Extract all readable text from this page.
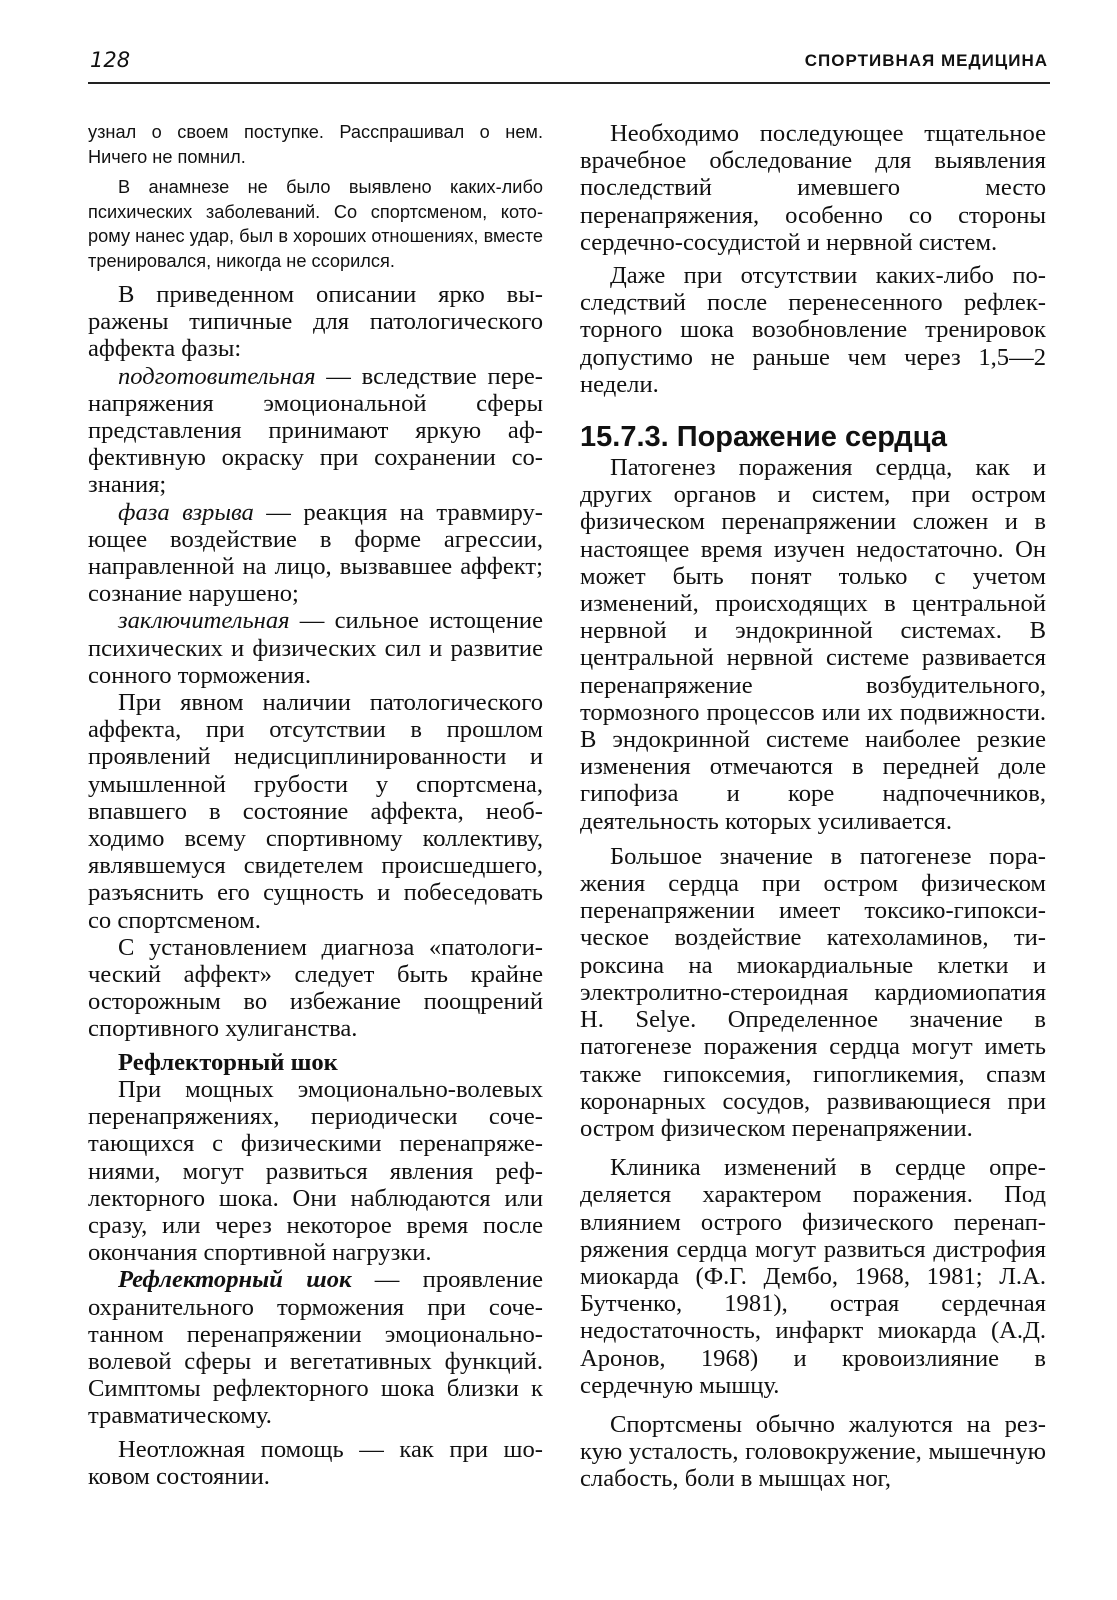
128	СПОРТИВНАЯ МЕДИЦИНА

узнал о своем поступке. Расспрашивал о нем. Ничего не помнил.

В анамнезе не было выявлено каких-либо психических заболеваний. Со спортсменом, которому нанес удар, был в хороших отношениях, вместе тренировался, никогда не ссорился.

В приведенном описании ярко выражены типичные для патологического аффекта фазы:

подготовительная — вследствие перенапряжения эмоциональной сферы представления принимают яркую аффективную окраску при сохранении сознания;

фаза взрыва — реакция на травмирующее воздействие в форме агрессии, направленной на лицо, вызвавшее аффект; сознание нарушено;

заключительная — сильное истощение психических и физических сил и развитие сонного торможения.

При явном наличии патологического аффекта, при отсутствии в прошлом проявлений недисциплинированности и умышленной грубости у спортсмена, впавшего в состояние аффекта, необходимо всему спортивному коллективу, являвшемуся свидетелем происшедшего, разъяснить его сущность и побеседовать со спортсменом.

С установлением диагноза «патологический аффект» следует быть крайне осторожным во избежание поощрений спортивного хулиганства.

Рефлекторный шок

При мощных эмоционально-волевых перенапряжениях, периодически сочетающихся с физическими перенапряжениями, могут развиться явления рефлекторного шока. Они наблюдаются или сразу, или через некоторое время после окончания спортивной нагрузки.

Рефлекторный шок — проявление охранительного торможения при сочетанном перенапряжении эмоционально-волевой сферы и вегетативных функций. Симптомы рефлекторного шока близки к травматическому.

Неотложная помощь — как при шоковом состоянии.

Необходимо последующее тщательное врачебное обследование для выявления последствий имевшего место перенапряжения, особенно со стороны сердечно-сосудистой и нервной систем.

Даже при отсутствии каких-либо последствий после перенесенного рефлекторного шока возобновление тренировок допустимо не раньше чем через 1,5—2 недели.

15.7.3. Поражение сердца

Патогенез поражения сердца, как и других органов и систем, при остром физическом перенапряжении сложен и в настоящее время изучен недостаточно. Он может быть понят только с учетом изменений, происходящих в центральной нервной и эндокринной системах. В центральной нервной системе развивается перенапряжение возбудительного, тормозного процессов или их подвижности. В эндокринной системе наиболее резкие изменения отмечаются в передней доле гипофиза и коре надпочечников, деятельность которых усиливается.

Большое значение в патогенезе поражения сердца при остром физическом перенапряжении имеет токсико-гипоксическое воздействие катехоламинов, тироксина на миокардиальные клетки и электролитно-стероидная кардиомиопатия H. Selye. Определенное значение в патогенезе поражения сердца могут иметь также гипоксемия, гипогликемия, спазм коронарных сосудов, развивающиеся при остром физическом перенапряжении.

Клиника изменений в сердце определяется характером поражения. Под влиянием острого физического перенапряжения сердца могут развиться дистрофия миокарда (Ф.Г. Дембо, 1968, 1981; Л.А. Бутченко, 1981), острая сердечная недостаточность, инфаркт миокарда (А.Д. Аронов, 1968) и кровоизлияние в сердечную мышцу.

Спортсмены обычно жалуются на резкую усталость, головокружение, мышечную слабость, боли в мышцах ног,
